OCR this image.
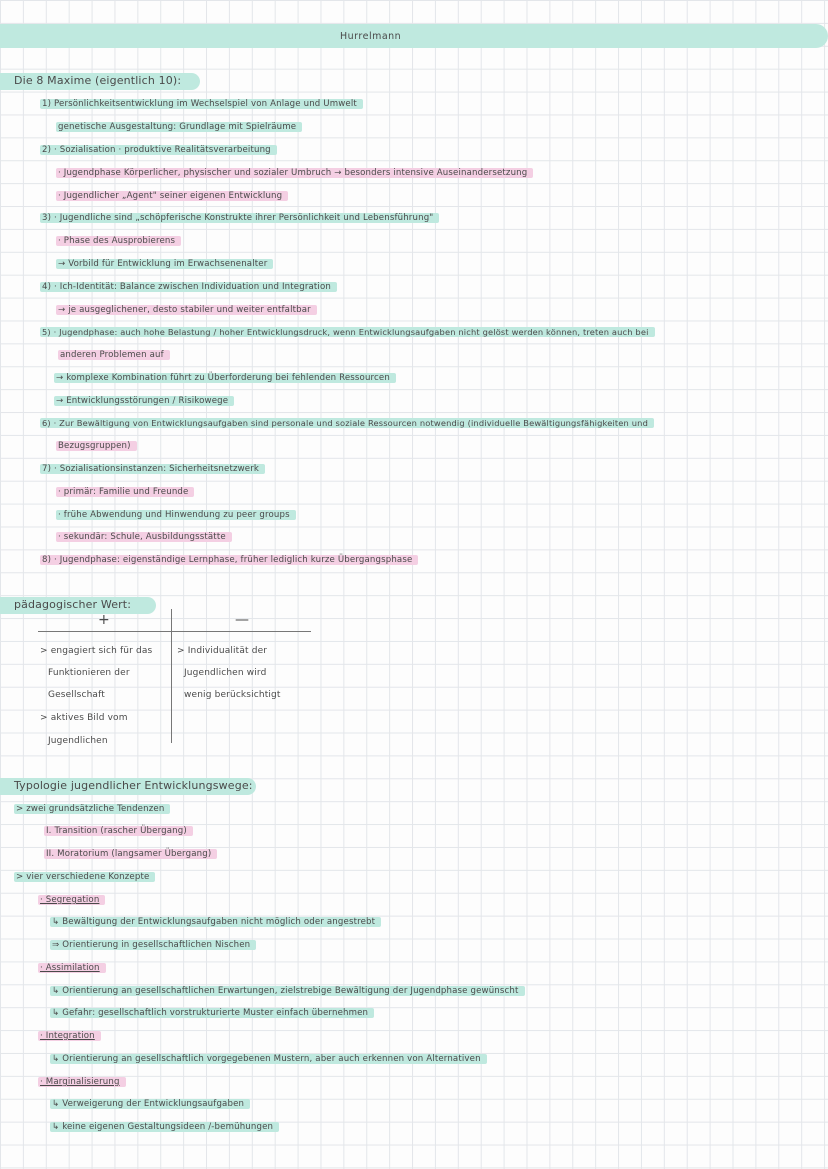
Hurrelmann
Die 8 Maxime (eigentlich 10):
1) Persönlichkeitsentwicklung im Wechselspiel von Anlage und Umwelt
genetische Ausgestaltung: Grundlage mit Spielräume
2) · Sozialisation · produktive Realitätsverarbeitung
· Jugendphase Körperlicher, physischer und sozialer Umbruch → besonders intensive Auseinandersetzung
· Jugendlicher „Agent" seiner eigenen Entwicklung
3) · Jugendliche sind „schöpferische Konstrukte ihrer Persönlichkeit und Lebensführung"
· Phase des Ausprobierens
→ Vorbild für Entwicklung im Erwachsenenalter
4) · Ich-Identität: Balance zwischen Individuation und Integration
→ je ausgeglichener, desto stabiler und weiter entfaltbar
5) · Jugendphase: auch hohe Belastung / hoher Entwicklungsdruck, wenn Entwicklungsaufgaben nicht gelöst werden können, treten auch bei
anderen Problemen auf
→ komplexe Kombination führt zu Überforderung bei fehlenden Ressourcen
→ Entwicklungsstörungen / Risikowege
6) · Zur Bewältigung von Entwicklungsaufgaben sind personale und soziale Ressourcen notwendig (individuelle Bewältigungsfähigkeiten und
Bezugsgruppen)
7) · Sozialisationsinstanzen: Sicherheitsnetzwerk
· primär: Familie und Freunde
· frühe Abwendung und Hinwendung zu peer groups
· sekundär: Schule, Ausbildungsstätte
8) · Jugendphase: eigenständige Lernphase, früher lediglich kurze Übergangsphase
pädagogischer Wert:
+	—
> engagiert sich für das
Funktionieren der
Gesellschaft
> aktives Bild vom
Jugendlichen
> Individualität der
Jugendlichen wird
wenig berücksichtigt
Typologie jugendlicher Entwicklungswege:
> zwei grundsätzliche Tendenzen
I. Transition (rascher Übergang)
II. Moratorium (langsamer Übergang)
> vier verschiedene Konzepte
· Segregation
↳ Bewältigung der Entwicklungsaufgaben nicht möglich oder angestrebt
⇒ Orientierung in gesellschaftlichen Nischen
· Assimilation
↳ Orientierung an gesellschaftlichen Erwartungen, zielstrebige Bewältigung der Jugendphase gewünscht
↳ Gefahr: gesellschaftlich vorstrukturierte Muster einfach übernehmen
· Integration
↳ Orientierung an gesellschaftlich vorgegebenen Mustern, aber auch erkennen von Alternativen
· Marginalisierung
↳ Verweigerung der Entwicklungsaufgaben
↳ keine eigenen Gestaltungsideen /-bemühungen
